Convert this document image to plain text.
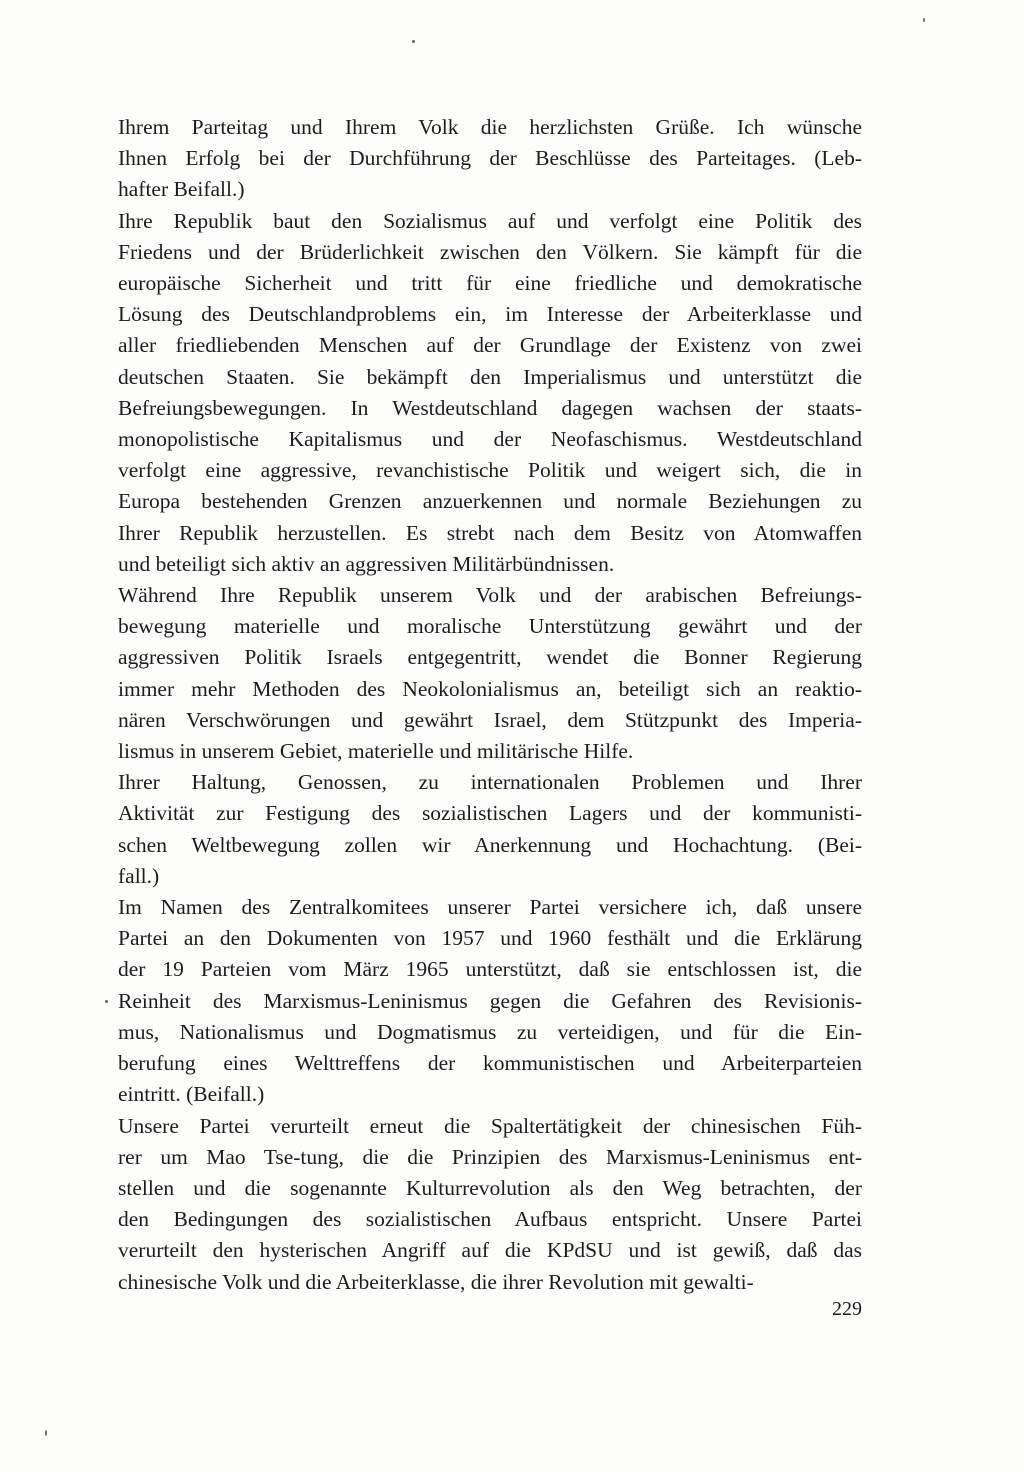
Ihrem Parteitag und Ihrem Volk die herzlichsten Grüße. Ich wünsche
Ihnen Erfolg bei der Durchführung der Beschlüsse des Parteitages. (Leb-
hafter Beifall.)

Ihre Republik baut den Sozialismus auf und verfolgt eine Politik des
Friedens und der Brüderlichkeit zwischen den Völkern. Sie kämpft für die
europäische Sicherheit und tritt für eine friedliche und demokratische
Lösung des Deutschlandproblems ein, im Interesse der Arbeiterklasse und
aller friedliebenden Menschen auf der Grundlage der Existenz von zwei
deutschen Staaten. Sie bekämpft den Imperialismus und unterstützt die
Befreiungsbewegungen. In Westdeutschland dagegen wachsen der staats-
monopolistische Kapitalismus und der Neofaschismus. Westdeutschland
verfolgt eine aggressive, revanchistische Politik und weigert sich, die in
Europa bestehenden Grenzen anzuerkennen und normale Beziehungen zu
Ihrer Republik herzustellen. Es strebt nach dem Besitz von Atomwaffen
und beteiligt sich aktiv an aggressiven Militärbündnissen.

Während Ihre Republik unserem Volk und der arabischen Befreiungs-
bewegung materielle und moralische Unterstützung gewährt und der
aggressiven Politik Israels entgegentritt, wendet die Bonner Regierung
immer mehr Methoden des Neokolonialismus an, beteiligt sich an reaktio-
nären Verschwörungen und gewährt Israel, dem Stützpunkt des Imperia-
lismus in unserem Gebiet, materielle und militärische Hilfe.

Ihrer Haltung, Genossen, zu internationalen Problemen und Ihrer
Aktivität zur Festigung des sozialistischen Lagers und der kommunisti-
schen Weltbewegung zollen wir Anerkennung und Hochachtung. (Bei-
fall.)

Im Namen des Zentralkomitees unserer Partei versichere ich, daß unsere
Partei an den Dokumenten von 1957 und 1960 festhält und die Erklärung
der 19 Parteien vom März 1965 unterstützt, daß sie entschlossen ist, die
Reinheit des Marxismus-Leninismus gegen die Gefahren des Revisionis-
mus, Nationalismus und Dogmatismus zu verteidigen, und für die Ein-
berufung eines Welttreffens der kommunistischen und Arbeiterparteien
eintritt. (Beifall.)

Unsere Partei verurteilt erneut die Spaltertätigkeit der chinesischen Füh-
rer um Mao Tse-tung, die die Prinzipien des Marxismus-Leninismus ent-
stellen und die sogenannte Kulturrevolution als den Weg betrachten, der
den Bedingungen des sozialistischen Aufbaus entspricht. Unsere Partei
verurteilt den hysterischen Angriff auf die KPdSU und ist gewiß, daß das
chinesische Volk und die Arbeiterklasse, die ihrer Revolution mit gewalti-

229
